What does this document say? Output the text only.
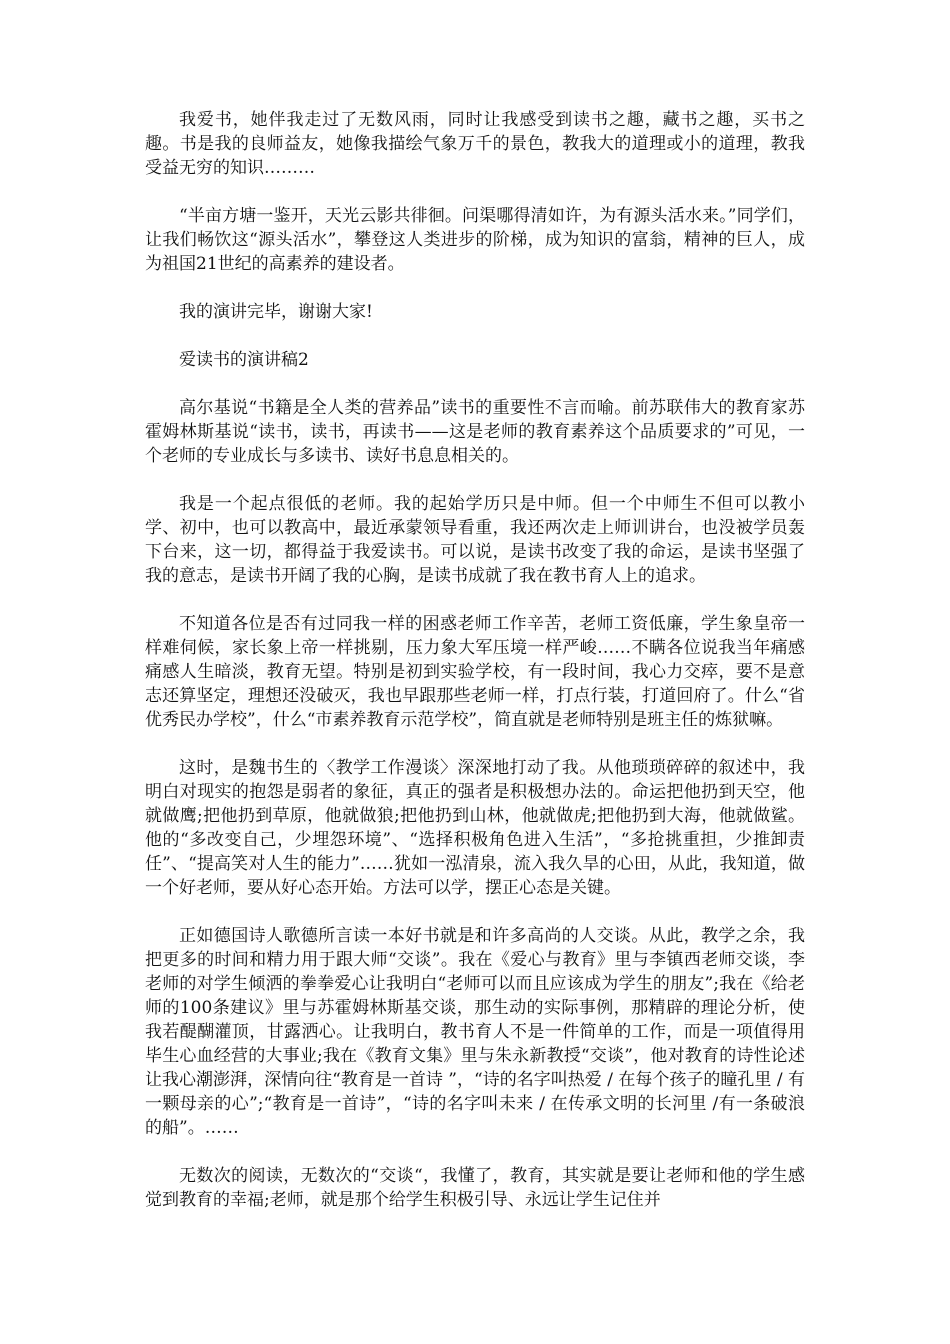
我爱书，她伴我走过了无数风雨，同时让我感受到读书之趣，藏书之趣，买书之趣。书是我的良师益友，她像我描绘气象万千的景色，教我大的道理或小的道理，教我受益无穷的知识………

“半亩方塘一鉴开，天光云影共徘徊。问渠哪得清如许，为有源头活水来。”同学们，让我们畅饮这“源头活水”，攀登这人类进步的阶梯，成为知识的富翁，精神的巨人，成为祖国21世纪的高素养的建设者。

我的演讲完毕，谢谢大家!

爱读书的演讲稿2

高尔基说“书籍是全人类的营养品”读书的重要性不言而喻。前苏联伟大的教育家苏霍姆林斯基说“读书，读书，再读书——这是老师的教育素养这个品质要求的”可见，一个老师的专业成长与多读书、读好书息息相关的。

我是一个起点很低的老师。我的起始学历只是中师。但一个中师生不但可以教小学、初中，也可以教高中，最近承蒙领导看重，我还两次走上师训讲台，也没被学员轰下台来，这一切，都得益于我爱读书。可以说，是读书改变了我的命运，是读书坚强了我的意志，是读书开阔了我的心胸，是读书成就了我在教书育人上的追求。

不知道各位是否有过同我一样的困惑老师工作辛苦，老师工资低廉，学生象皇帝一样难伺候，家长象上帝一样挑剔，压力象大军压境一样严峻……不瞒各位说我当年痛感痛感人生暗淡，教育无望。特别是初到实验学校，有一段时间，我心力交瘁，要不是意志还算坚定，理想还没破灭，我也早跟那些老师一样，打点行装，打道回府了。什么“省优秀民办学校”，什么“市素养教育示范学校”，简直就是老师特别是班主任的炼狱嘛。

这时，是魏书生的〈教学工作漫谈〉深深地打动了我。从他琐琐碎碎的叙述中，我明白对现实的抱怨是弱者的象征，真正的强者是积极想办法的。命运把他扔到天空，他就做鹰;把他扔到草原，他就做狼;把他扔到山林，他就做虎;把他扔到大海，他就做鲨。他的“多改变自己，少埋怨环境”、“选择积极角色进入生活”，“多抢挑重担，少推卸责任”、“提高笑对人生的能力”……犹如一泓清泉，流入我久旱的心田，从此，我知道，做一个好老师，要从好心态开始。方法可以学，摆正心态是关键。

正如德国诗人歌德所言读一本好书就是和许多高尚的人交谈。从此，教学之余，我把更多的时间和精力用于跟大师“交谈”。我在《爱心与教育》里与李镇西老师交谈，李老师的对学生倾洒的拳拳爱心让我明白“老师可以而且应该成为学生的朋友”;我在《给老师的100条建议》里与苏霍姆林斯基交谈，那生动的实际事例，那精辟的理论分析，使我若醍醐灌顶，甘露洒心。让我明白，教书育人不是一件简单的工作，而是一项值得用毕生心血经营的大事业;我在《教育文集》里与朱永新教授“交谈”，他对教育的诗性论述让我心潮澎湃，深情向往“教育是一首诗 ”，“诗的名字叫热爱 / 在每个孩子的瞳孔里 / 有一颗母亲的心”;“教育是一首诗”，“诗的名字叫未来 / 在传承文明的长河里 /有一条破浪的船”。……

无数次的阅读，无数次的“交谈“，我懂了，教育，其实就是要让老师和他的学生感觉到教育的幸福;老师，就是那个给学生积极引导、永远让学生记住并
